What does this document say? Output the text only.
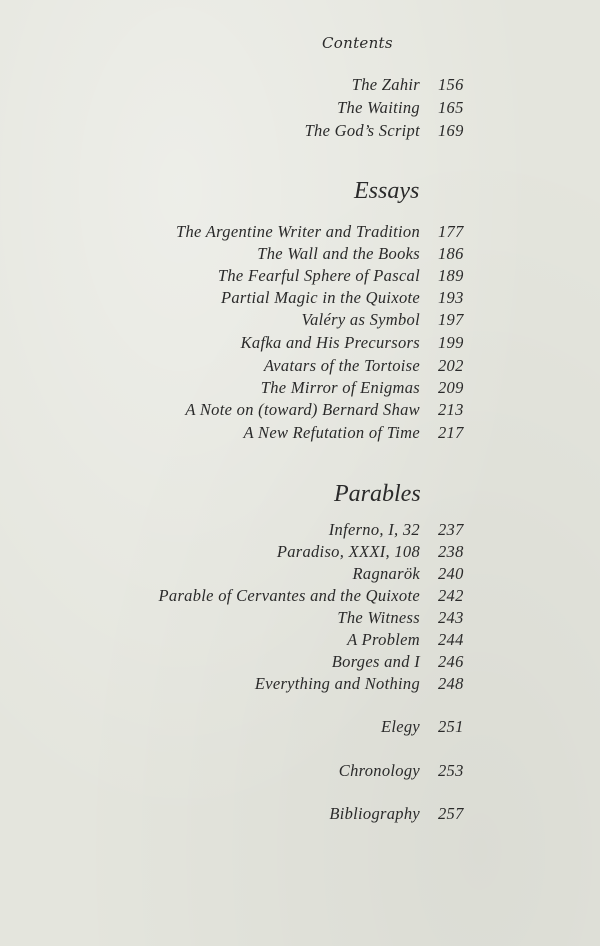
Contents
The Zahir 156
The Waiting 165
The God’s Script 169
Essays
The Argentine Writer and Tradition 177
The Wall and the Books 186
The Fearful Sphere of Pascal 189
Partial Magic in the Quixote 193
Valéry as Symbol 197
Kafka and His Precursors 199
Avatars of the Tortoise 202
The Mirror of Enigmas 209
A Note on (toward) Bernard Shaw 213
A New Refutation of Time 217
Parables
Inferno, I, 32 237
Paradiso, XXXI, 108 238
Ragnarök 240
Parable of Cervantes and the Quixote 242
The Witness 243
A Problem 244
Borges and I 246
Everything and Nothing 248
Elegy 251
Chronology 253
Bibliography 257
